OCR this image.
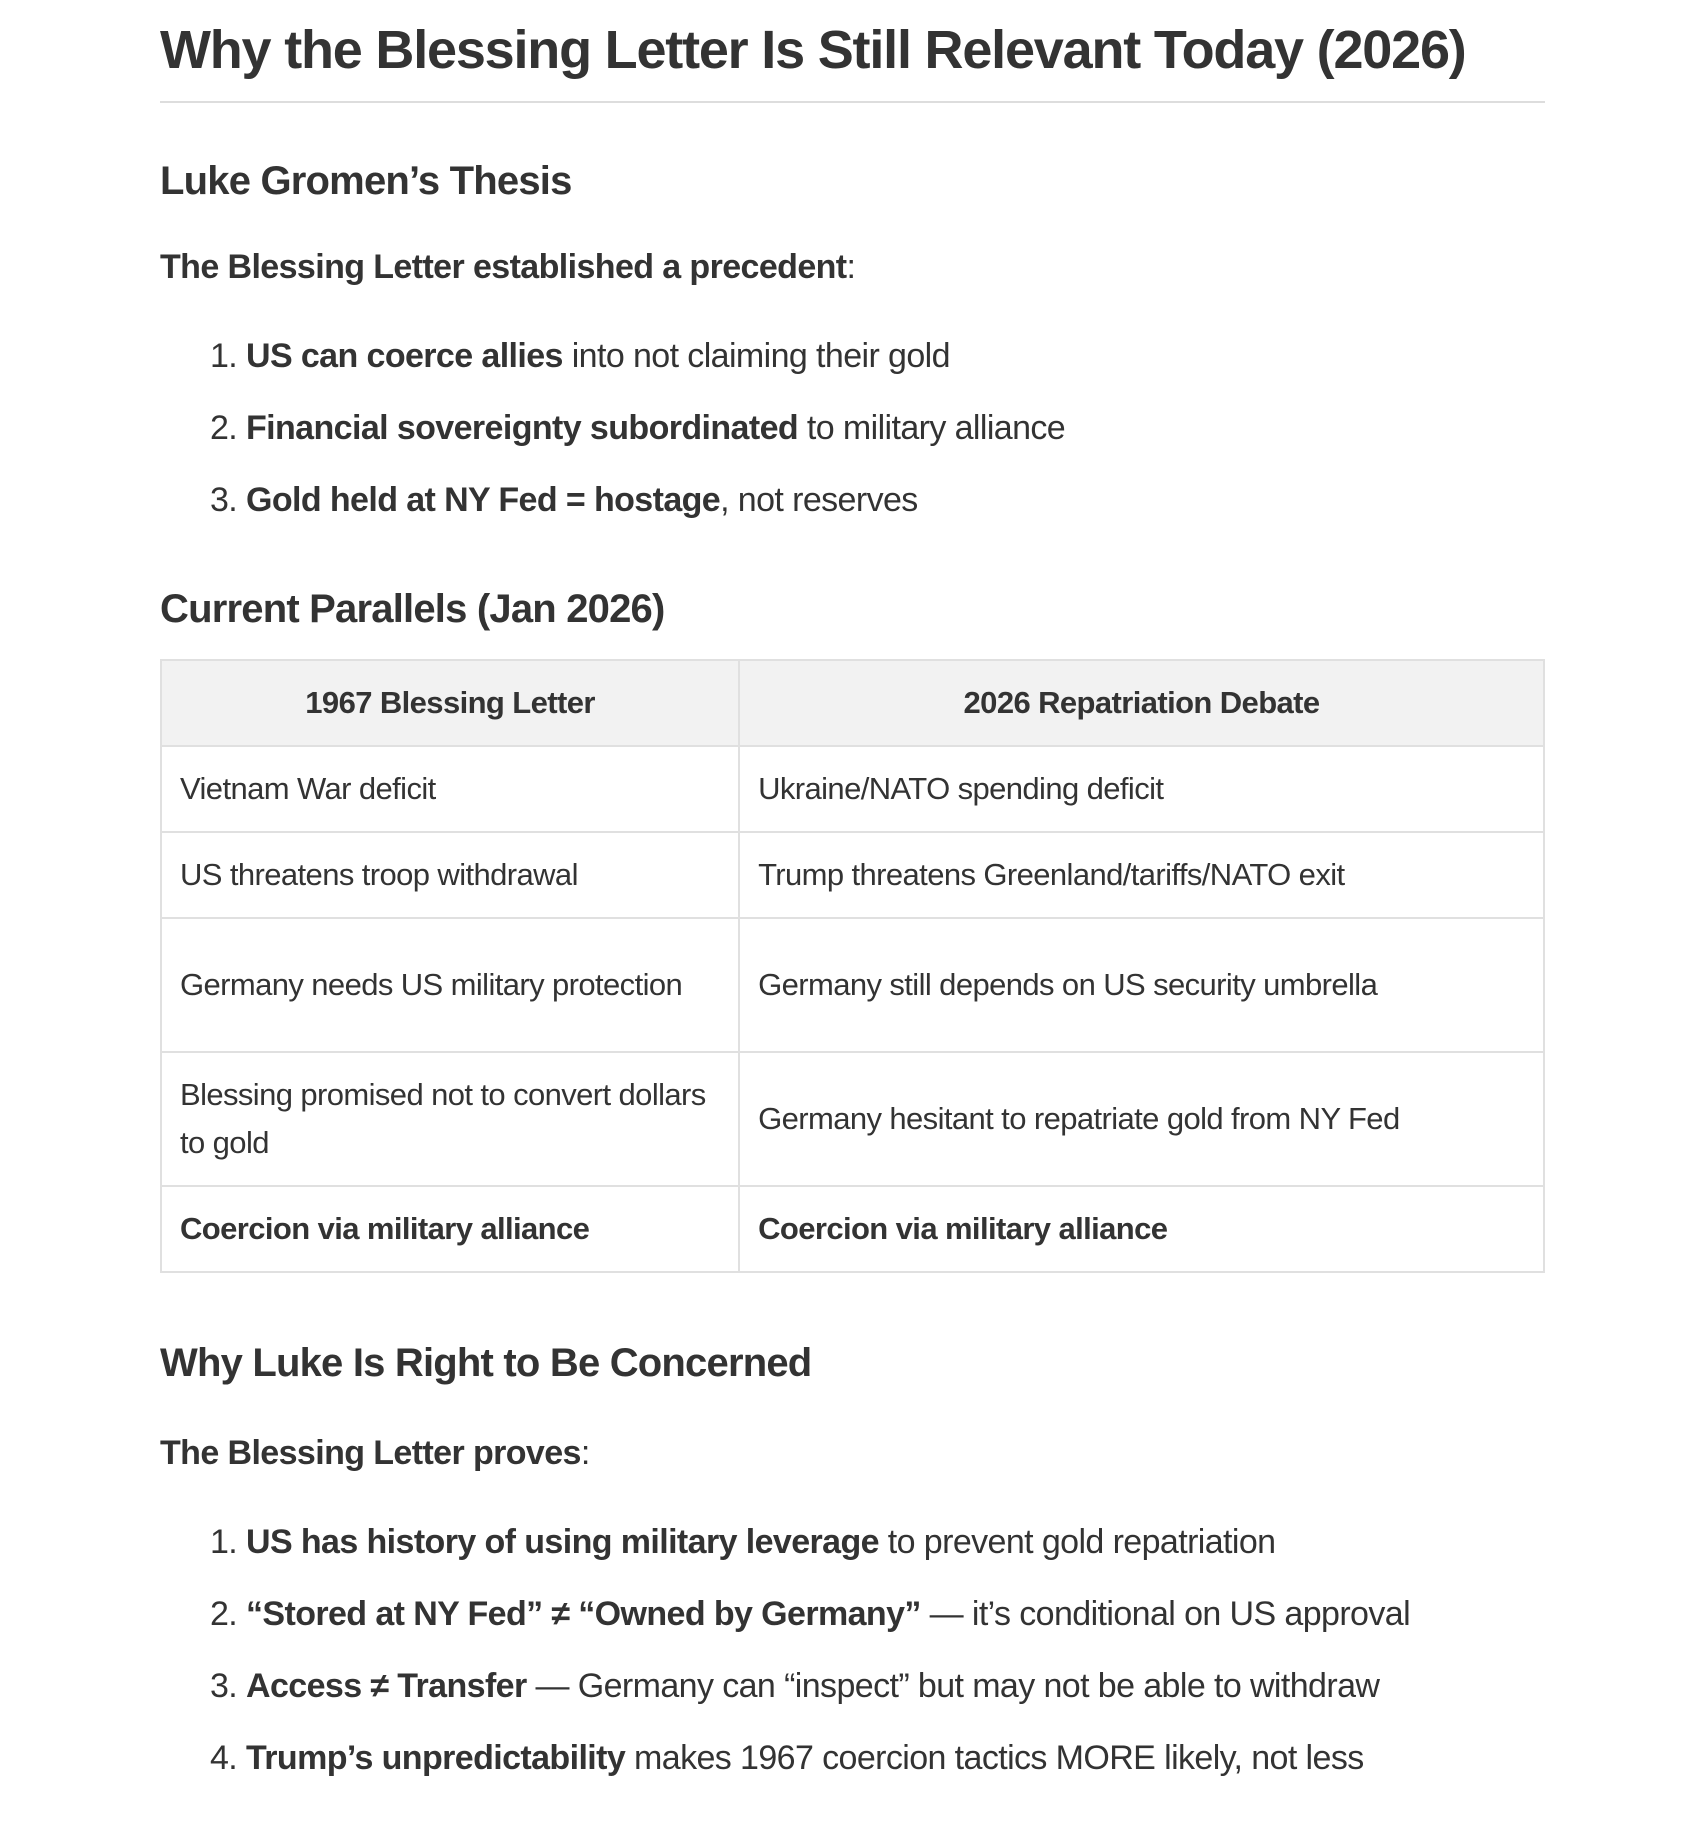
Why the Blessing Letter Is Still Relevant Today (2026)
Luke Gromen’s Thesis

The Blessing Letter established a precedent:

1. US can coerce allies into not claiming their gold
2. Financial sovereignty subordinated to military alliance
3. Gold held at NY Fed = hostage, not reserves
Current Parallels (Jan 2026)
1967 Blessing Letter	2026 Repatriation Debate
Vietnam War deficit	Ukraine/NATO spending deficit
US threatens troop withdrawal	Trump threatens Greenland/tariffs/NATO exit
Germany needs US military protection	Germany still depends on US security umbrella
Blessing promised not to convert dollars to gold	Germany hesitant to repatriate gold from NY Fed
Coercion via military alliance	Coercion via military alliance
Why Luke Is Right to Be Concerned

The Blessing Letter proves:

1. US has history of using military leverage to prevent gold repatriation
2. “Stored at NY Fed” ≠ “Owned by Germany” — it’s conditional on US approval
3. Access ≠ Transfer — Germany can “inspect” but may not be able to withdraw
4. Trump’s unpredictability makes 1967 coercion tactics MORE likely, not less
